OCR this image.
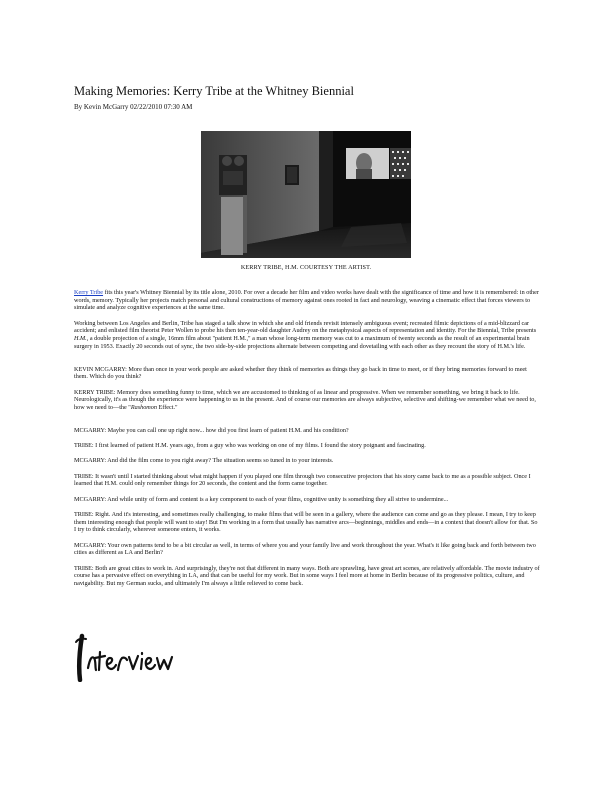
Making Memories: Kerry Tribe at the Whitney Biennial
By Kevin McGarry 02/22/2010 07:30 AM
KERRY TRIBE, H.M. COURTESY THE ARTIST.

Kerry Tribe fits this year's Whitney Biennial by its title alone, 2010. For over a decade her film and video works have dealt with the significance of time and how it is remembered: in other words, memory. Typically her projects match personal and cultural constructions of memory against ones rooted in fact and neurology, weaving a cinematic effect that forces viewers to simulate and analyze cognitive experiences at the same time.

Working between Los Angeles and Berlin, Tribe has staged a talk show in which she and old friends revisit intensely ambiguous event; recreated filmic depictions of a mid-blizzard car accident; and enlisted film theorist Peter Wollen to probe his then ten-year-old daughter Audrey on the metaphysical aspects of representation and identity. For the Biennial, Tribe presents H.M., a double projection of a single, 16mm film about "patient H.M.," a man whose long-term memory was cut to a maximum of twenty seconds as the result of an experimental brain surgery in 1953. Exactly 20 seconds out of sync, the two side-by-side projections alternate between competing and dovetailing with each other as they recount the story of H.M.'s life.

KEVIN MCGARRY: More than once in your work people are asked whether they think of memories as things they go back in time to meet, or if they bring memories forward to meet them. Which do you think?

KERRY TRIBE: Memory does something funny to time, which we are accustomed to thinking of as linear and progressive. When we remember something, we bring it back to life. Neurologically, it's as though the experience were happening to us in the present. And of course our memories are always subjective, selective and shifting-we remember what we need to, how we need to—the "Rashomon Effect."

MCGARRY: Maybe you can call one up right now... how did you first learn of patient H.M. and his condition?

TRIBE: I first learned of patient H.M. years ago, from a guy who was working on one of my films. I found the story poignant and fascinating.

MCGARRY: And did the film come to you right away? The situation seems so tuned in to your interests.

TRIBE: It wasn't until I started thinking about what might happen if you played one film through two consecutive projectors that his story came back to me as a possible subject. Once I learned that H.M. could only remember things for 20 seconds, the content and the form came together.

MCGARRY: And while unity of form and content is a key component to each of your films, cognitive unity is something they all strive to undermine...

TRIBE: Right. And it's interesting, and sometimes really challenging, to make films that will be seen in a gallery, where the audience can come and go as they please. I mean, I try to keep them interesting enough that people will want to stay! But I'm working in a form that usually has narrative arcs—beginnings, middles and ends—in a context that doesn't allow for that. So I try to think circularly, wherever someone enters, it works.

MCGARRY: Your own patterns tend to be a bit circular as well, in terms of where you and your family live and work throughout the year. What's it like going back and forth between two cities as different as LA and Berlin?

TRIBE: Both are great cities to work in. And surprisingly, they're not that different in many ways. Both are sprawling, have great art scenes, are relatively affordable. The movie industry of course has a pervasive effect on everything in LA, and that can be useful for my work. But in some ways I feel more at home in Berlin because of its progressive politics, culture, and navigability. But my German sucks, and ultimately I'm always a little relieved to come back.
